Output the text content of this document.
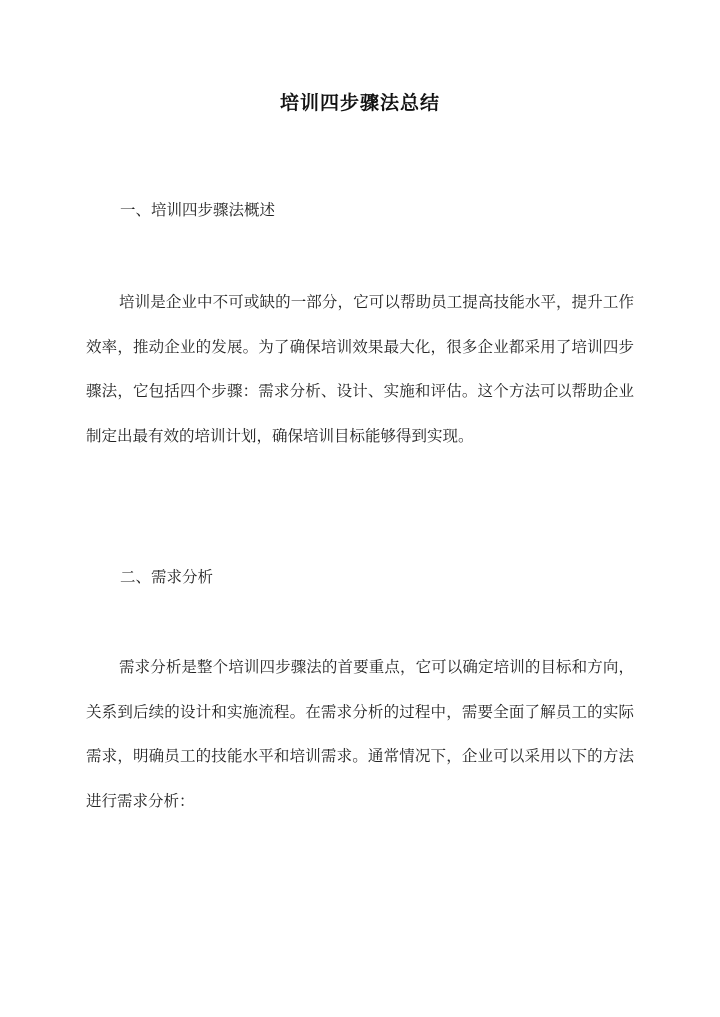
培训四步骤法总结
一、培训四步骤法概述
培训是企业中不可或缺的一部分，它可以帮助员工提高技能水平，提升工作效率，推动企业的发展。为了确保培训效果最大化，很多企业都采用了培训四步骤法，它包括四个步骤：需求分析、设计、实施和评估。这个方法可以帮助企业制定出最有效的培训计划，确保培训目标能够得到实现。
二、需求分析
需求分析是整个培训四步骤法的首要重点，它可以确定培训的目标和方向，关系到后续的设计和实施流程。在需求分析的过程中，需要全面了解员工的实际需求，明确员工的技能水平和培训需求。通常情况下，企业可以采用以下的方法进行需求分析：
